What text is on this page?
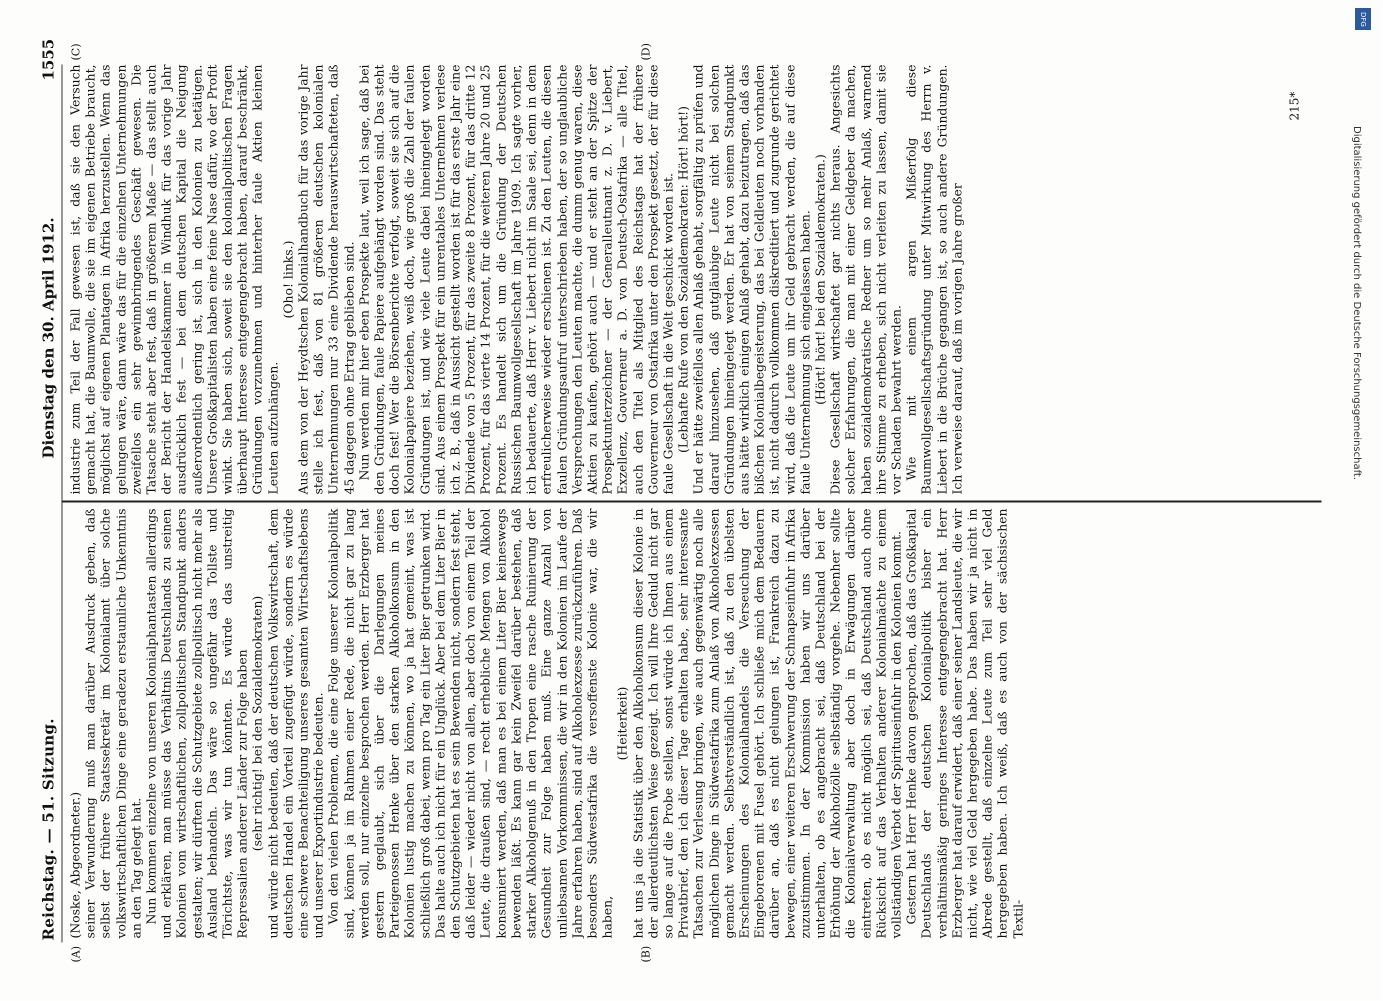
Reichstag. — 51. Sitzung.
Dienstag den 30. April 1912.
1555
(A)	(B)
(C)	(D)

(Noske, Abgeordneter.) seiner Verwunderung muß man darüber Ausdruck geben, daß selbst der frühere Staatssekretär im Kolonialamt über solche volkswirtschaftlichen Dinge eine geradezu erstaunliche Unkenntnis an den Tag gelegt hat. Nun kommen einzelne von unseren Kolonialphantasten allerdings und erklären, man müsse das Verhältnis Deutschlands zu seinen Kolonien vom wirtschaftlichen, zollpolitischen Standpunkt anders gestalten; wir dürften die Schutzgebiete zollpolitisch nicht mehr als Ausland behandeln. Das wäre so ungefähr das Tollste und Törichtste, was wir tun könnten. Es würde das unstreitig Repressalien anderer Länder zur Folge haben (sehr richtig! bei den Sozialdemokraten) und würde nicht bedeuten, daß der deutschen Volkswirtschaft, dem deutschen Handel ein Vorteil zugefügt würde, sondern es würde eine schwere Benachteiligung unseres gesamten Wirtschaftslebens und unserer Exportindustrie bedeuten. Von den vielen Problemen, die eine Folge unserer Kolonialpolitik sind, können ja im Rahmen einer Rede, die nicht gar zu lang werden soll, nur einzelne besprochen werden. Herr Erzberger hat gestern geglaubt, sich über die Darlegungen meines Parteigenossen Henke über den starken Alkoholkonsum in den Kolonien lustig machen zu können, wo ja hat gemeint, was ist schließlich groß dabei, wenn pro Tag ein Liter Bier getrunken wird. Das halte auch ich nicht für ein Unglück. Aber bei dem Liter Bier in den Schutzgebieten hat es sein Bewenden nicht, sondern fest steht, daß leider — wieder nicht von allen, aber doch von einem Teil der Leute, die draußen sind, — recht erhebliche Mengen von Alkohol konsumiert werden, daß man es bei einem Liter Bier keineswegs bewenden läßt. Es kann gar kein Zweifel darüber bestehen, daß starker Alkoholgenuß in den Tropen eine rasche Ruinierung der Gesundheit zur Folge haben muß. Eine ganze Anzahl von unliebsamen Vorkommnissen, die wir in den Kolonien im Laufe der Jahre erfahren haben, sind auf Alkoholexzesse zurückzuführen. Daß besonders Südwestafrika die versoffenste Kolonie war, die wir haben,

(Heiterkeit) hat uns ja die Statistik über den Alkoholkonsum dieser Kolonie in der allerdeutlichsten Weise gezeigt. Ich will Ihre Geduld nicht gar so lange auf die Probe stellen, sonst würde ich Ihnen aus einem Privatbrief, den ich dieser Tage erhalten habe, sehr interessante Tatsachen zur Verlesung bringen, wie auch gegenwärtig noch alle möglichen Dinge in Südwestafrika zum Anlaß von Alkoholexzessen gemacht werden. Selbstverständlich ist, daß zu den übelsten Erscheinungen des Kolonialhandels die Verseuchung der Eingeborenen mit Fusel gehört. Ich schließe mich dem Bedauern darüber an, daß es nicht gelungen ist, Frankreich dazu zu bewegen, einer weiteren Erschwerung der Schnapseinfuhr in Afrika zuzustimmen. In der Kommission haben wir uns darüber unterhalten, ob es angebracht sei, daß Deutschland bei der Erhöhung der Alkoholzölle selbständig vorgehe. Nebenher sollte die Kolonialverwaltung aber doch in Erwägungen darüber eintreten, ob es nicht möglich sei, daß Deutschland auch ohne Rücksicht auf das Verhalten anderer Kolonialmächte zu einem vollständigen Verbot der Spirituseinfuhr in den Kolonien kommt. Gestern hat Herr Henke davon gesprochen, daß das Großkapital Deutschlands der deutschen Kolonialpolitik bisher ein verhältnismäßig geringes Interesse entgegengebracht hat. Herr Erzberger hat darauf erwidert, daß einer seiner Landsleute, die wir nicht, wie viel Geld hergegeben habe. Das haben wir ja nicht in Abrede gestellt, daß einzelne Leute zum Teil sehr viel Geld hergegeben haben. Ich weiß, daß es auch von der sächsischen Textil-

industrie zum Teil der Fall gewesen ist, daß sie den Versuch gemacht hat, die Baumwolle, die sie im eigenen Betriebe braucht, möglichst auf eigenen Plantagen in Afrika herzustellen. Wenn das gelungen wäre, dann wäre das für die einzelnen Unternehmungen zweifellos ein sehr gewinnbringendes Geschäft gewesen. Die Tatsache steht aber fest, daß in größerem Maße — das stellt auch der Bericht der Handelskammer in Windhuk für das vorige Jahr ausdrücklich fest — bei dem deutschen Kapital die Neigung außerordentlich gering ist, sich in den Kolonien zu betätigen. Unsere Großkapitalisten haben eine feine Nase dafür, wo der Profit winkt. Sie haben sich, soweit sie den kolonialpolitischen Fragen überhaupt Interesse entgegengebracht haben, darauf beschränkt, Gründungen vorzunehmen und hinterher faule Aktien kleinen Leuten aufzuhängen.

(Oho! links.) Aus dem von der Heydtschen Kolonialhandbuch für das vorige Jahr stelle ich fest, daß von 81 größeren deutschen kolonialen Unternehmungen nur 33 eine Dividende herauswirtschafteten, daß 45 dagegen ohne Ertrag geblieben sind. Nun werden mir hier eben Prospekte laut, weil ich sage, daß bei den Gründungen, faule Papiere aufgehängt worden sind. Das steht doch fest! Wer die Börsenberichte verfolgt, soweit sie sich auf die Kolonialpapiere beziehen, weiß doch, wie groß die Zahl der faulen Gründungen ist, und wie viele Leute dabei hineingelegt worden sind. Aus einem Prospekt für ein unrentables Unternehmen verlese ich z. B., daß in Aussicht gestellt worden ist für das erste Jahr eine Dividende von 5 Prozent, für das zweite 8 Prozent, für das dritte 12 Prozent, für das vierte 14 Prozent, für die weiteren Jahre 20 und 25 Prozent. Es handelt sich um die Gründung der Deutschen Russischen Baumwollgesellschaft im Jahre 1909. Ich sagte vorher, ich bedauerte, daß Herr v. Liebert nicht im Saale sei, denn in dem erfreulicherweise wieder erschienen ist. Zu den Leuten, die diesen faulen Gründungsaufruf unterschrieben haben, der so unglaubliche Versprechungen den Leuten machte, die dumm genug waren, diese Aktien zu kaufen, gehört auch — und er steht an der Spitze der Prospektunterzeichner — der Generalleutnant z. D. v. Liebert, Exzellenz, Gouverneur a. D. von Deutsch-Ostafrika — alle Titel, auch den Titel als Mitglied des Reichstags hat der frühere Gouverneur von Ostafrika unter den Prospekt gesetzt, der für diese faule Gesellschaft in die Welt geschickt worden ist. (Lebhafte Rufe von den Sozialdemokraten: Hört! hört!) Und er hätte zweifellos allen Anlaß gehabt, sorgfältig zu prüfen und darauf hinzusehen, daß gutgläubige Leute nicht bei solchen Gründungen hineingelegt werden. Er hat von seinem Standpunkt aus hätte wirklich einigen Anlaß gehabt, dazu beizutragen, daß das bißchen Kolonialbegeisterung, das bei Geldleuten noch vorhanden ist, nicht dadurch vollkommen diskreditiert und zugrunde gerichtet wird, daß die Leute um ihr Geld gebracht werden, die auf diese faule Unternehmung sich eingelassen haben. (Hört! hört! bei den Sozialdemokraten.) Diese Gesellschaft wirtschaftet gar nichts heraus. Angesichts solcher Erfahrungen, die man mit einer Geldgeber da machen, haben sozialdemokratische Redner um so mehr Anlaß, warnend ihre Stimme zu erheben, sich nicht verleiten zu lassen, damit sie vor Schaden bewahrt werden. Wie mit einem argen Mißerfolg diese Baumwollgesellschaftsgründung unter Mitwirkung des Herrn v. Liebert in die Brüche gegangen ist, so auch andere Gründungen. Ich verweise darauf, daß im vorigen Jahre großer

215*
DFG
Digitalisierung gefördert durch die Deutsche Forschungsgemeinschaft.
